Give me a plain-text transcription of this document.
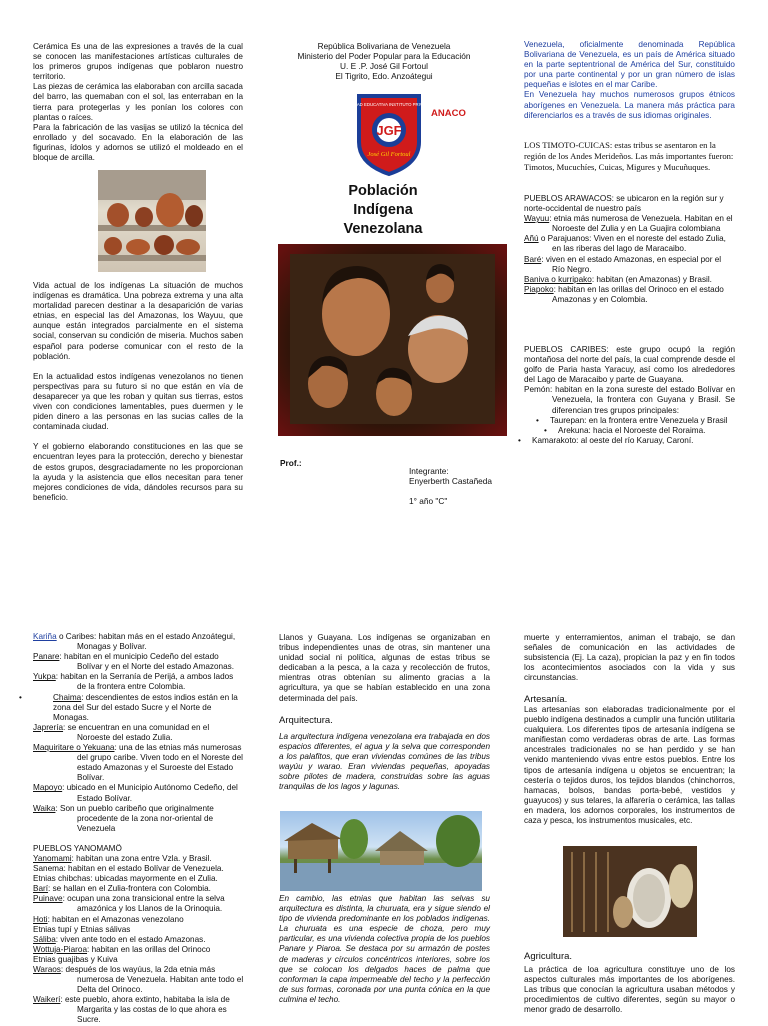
Cerámica Es una de las expresiones a través de la cual se conocen las manifestaciones artísticas culturales de los primeros grupos indígenas que poblaron nuestro territorio.

Las piezas de cerámica las elaboraban con arcilla sacada del barro, las quemaban con el sol, las enterraban en la tierra para protegerlas y les ponían los colores con plantas o raíces.

Para la fabricación de las vasijas se utilizó la técnica del enrollado y del socavado. En la elaboración de las figurinas, ídolos y adornos se utilizó el moldeado en el bloque de arcilla.

Vida actual de los indígenas La situación de muchos indígenas es dramática. Una pobreza extrema y una alta mortalidad parecen destinar a la desaparición de varias etnias, en especial las del Amazonas, los Wayuu, que aunque están integrados parcialmente en el sistema social, conservan su condición de miseria. Muchos saben español para poderse comunicar con el resto de la población.

En la actualidad estos indígenas venezolanos no tienen perspectivas para su futuro si no que están en vía de desaparecer ya que les roban y quitan sus tierras, estos viven con condiciones lamentables, pues duermen y le piden dinero a las personas en las sucias calles de la contaminada ciudad.

Y el gobierno elaborando constituciones en las que se encuentran leyes para la protección, derecho y bienestar de estos grupos, desgraciadamente no les proporcionan la ayuda y la asistencia que ellos necesitan para tener mejores condiciones de vida, dándoles recursos para su beneficio.

República Bolivariana de Venezuela
Ministerio del Poder Popular para la Educación
U. E .P. José Gil Fortoul
El Tigrito, Edo. Anzoátegui
JGF
UNIDAD EDUCATIVA INSTITUTO PRIVADO
José Gil Fortoul
ANACO
Población Indígena Venezolana
Prof.:
Integrante:
Enyerberth Castañeda
1° año "C"

Venezuela, oficialmente denominada República Bolivariana de Venezuela, es un país de América situado en la parte septentrional de América del Sur, constituido por una parte continental y por un gran número de islas pequeñas e islotes en el mar Caribe.

En Venezuela hay muchos numerosos grupos étnicos aborígenes en Venezuela. La manera más práctica para diferenciarlos es a través de sus idiomas originales.

LOS TIMOTO-CUICAS: estas tribus se asentaron en la región de los Andes Merideños. Las más importantes fueron: Timotos, Mucuchíes, Cuicas, Migures y Mucuñuques.

PUEBLOS ARAWACOS: se ubicaron en la región sur y norte-occidental de nuestro país

Wayuu: etnia más numerosa de Venezuela. Habitan en el Noroeste del Zulia y en La Guajira colombiana

Añú o Parajuanos: Viven en el noreste del estado Zulia, en las riberas del lago de Maracaibo.

Baré: viven en el estado Amazonas, en especial por el Río Negro.

Baniva o kurripako: habitan (en Amazonas) y Brasil.

Piapoko: habitan en las orillas del Orinoco en el estado Amazonas y en Colombia.

PUEBLOS CARIBES: este grupo ocupó la región montañosa del norte del país, la cual comprende desde el golfo de Paria hasta Yaracuy, así como los alrededores del Lago de Maracaibo y parte de Guayana.

Pemón: habitan en la zona sureste del estado Bolívar en Venezuela, la frontera con Guyana y Brasil. Se diferencian tres grupos principales:

• Taurepan: en la frontera entre Venezuela y Brasil

• Arekuna: hacia el Noroeste del Roraima.

• Kamarakoto: al oeste del río Karuay, Caroní.

Kariña o Caribes: habitan más en el estado Anzoátegui, Monagas y Bolívar.

Panare: habitan en el municipio Cedeño del estado Bolívar y en el Norte del estado Amazonas.

Yukpa: habitan en la Serranía de Perijá, a ambos lados de la frontera entre Colombia.

• Chaima: descendientes de estos indios están en la zona del Sur del estado Sucre y el Norte de Monagas.

Japrería: se encuentran en una comunidad en el Noroeste del estado Zulia.

Maquiritare o Yekuana: una de las etnias más numerosas del grupo caribe. Viven todo en el Noreste del estado Amazonas y el Suroeste del Estado Bolívar.

Mapoyo: ubicado en el Municipio Autónomo Cedeño, del Estado Bolívar.

Waika: Son un pueblo caribeño que originalmente procedente de la zona nor-oriental de Venezuela

PUEBLOS YANOMAMÖ

Yanomami: habitan una zona entre Vzla. y Brasil.

Sanema: habitan en el estado Bolívar de Venezuela.

Etnias chibchas: ubicadas mayormente en el Zulia.

Barí: se hallan en el Zulia-frontera con Colombia.

Puinave: ocupan una zona transicional entre la selva amazónica y los Llanos de la Orinoquia.

Hoti: habitan en el Amazonas venezolano

Etnias tupí y Etnias sálivas

Sáliba: viven ante todo en el estado Amazonas.

Wottuja-Piaroa: habitan en las orillas del Orinoco

Etnias guajibas y Kuiva

Waraos: después de los wayúus, la 2da etnia más numerosa de Venezuela. Habitan ante todo el Delta del Orinoco.

Waikerí: este pueblo, ahora extinto, habitaba la isla de Margarita y las costas de lo que ahora es Sucre.

Llanos y Guayana. Los indígenas se organizaban en tribus independientes unas de otras, sin mantener una unidad social ni política, algunas de estas tribus se dedicaban a la pesca, a la caza y recolección de frutos, mientras otras obtenían su alimento gracias a la agricultura, ya que se habían establecido en una zona determinada del país.

Arquitectura.
La arquitectura indígena venezolana era trabajada en dos espacios diferentes, el agua y la selva que corresponden a los palafitos, que eran viviendas comúnes de las tribus wayúu y warao. Eran viviendas pequeñas, apoyadas sobre pilotes de madera, construidas sobre las aguas tranquilas de los lagos y lagunas.
En cambio, las etnias que habitan las selvas su arquitectura es distinta, la churuata, era y sigue siendo el tipo de vivienda predominante en los poblados indígenas. La churuata es una especie de choza, pero muy particular, es una vivienda colectiva propia de los pueblos Panare y Piaroa. Se destaca por su armazón de postes de maderas y círculos concéntricos interiores, sobre los que se colocan los delgados haces de palma que conforman la capa impermeable del techo y la perfección de sus formas, coronada por una punta cónica en la que culmina el techo.
muerte y enterramientos, animan el trabajo, se dan señales de comunicación en las actividades de subsistencia (Ej. La caza), propician la paz y en fin todos los acontecimientos asociados con la vida y sus circunstancias.
Artesanía.
Las artesanías son elaboradas tradicionalmente por el pueblo indígena destinados a cumplir una función utilitaria cualquiera. Los diferentes tipos de artesanía indígena se manifiestan como verdaderas obras de arte. Las formas ancestrales tradicionales no se han perdido y se han venido manteniendo vivas entre estos pueblos. Entre los tipos de artesanía indígena u objetos se encuentran; la cestería o tejidos duros, los tejidos blandos (chinchorros, hamacas, bolsos, bandas porta-bebé, vestidos y guayucos) y sus telares, la alfarería o cerámica, las tallas en madera, los adornos corporales, los instrumentos de caza y pesca, los instrumentos musicales, etc.
Agricultura.
La práctica de loa agricultura constituye uno de los aspectos culturales más importantes de los aborígenes. Las tribus que conocían la agricultura usaban métodos y procedimientos de cultivo diferentes, según su mayor o menor grado de desarrollo.
